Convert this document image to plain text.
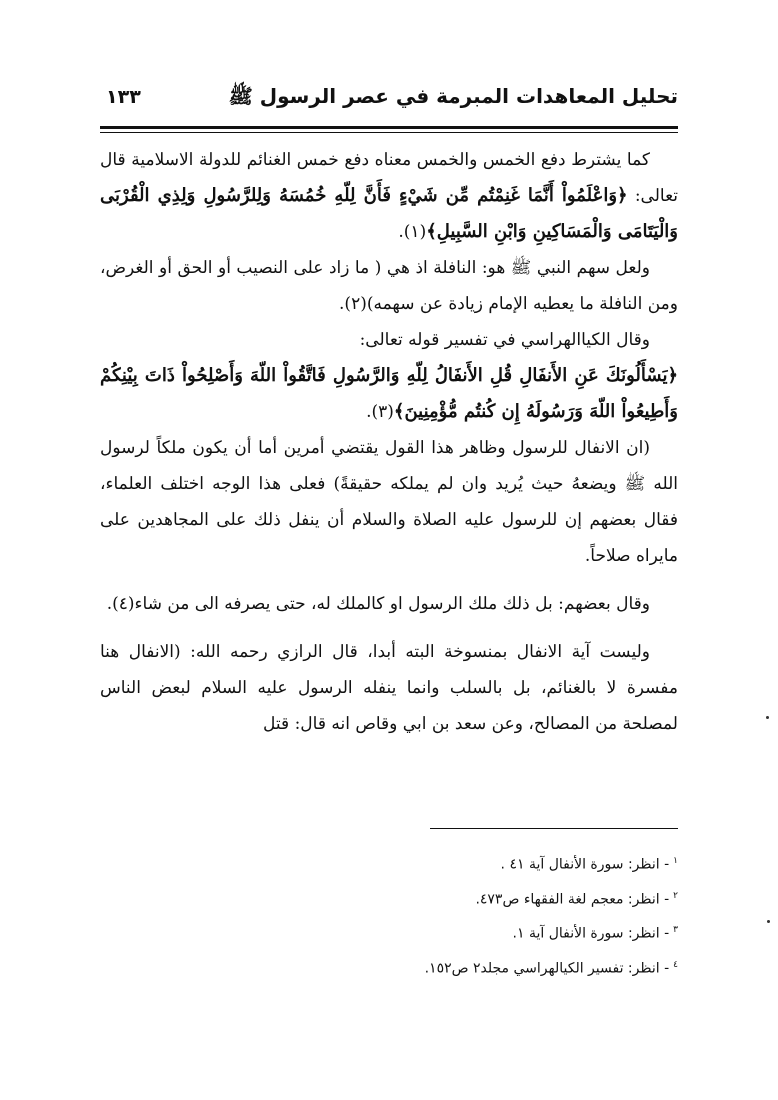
تحليل المعاهدات المبرمة في عصر الرسول ﷺ
١٣٣

كما يشترط دفع الخمس والخمس معناه دفع خمس الغنائم للدولة الاسلامية قال تعالى: ﴿وَاعْلَمُواْ أَنَّمَا غَنِمْتُم مِّن شَيْءٍ فَأَنَّ لِلّهِ خُمُسَهُ وَلِلرَّسُولِ وَلِذِي الْقُرْبَى وَالْيَتَامَى وَالْمَسَاكِينِ وَابْنِ السَّبِيلِ﴾(١).

ولعل سهم النبي ﷺ هو: النافلة اذ هي ( ما زاد على النصيب أو الحق أو الغرض، ومن النافلة ما يعطيه الإمام زيادة عن سهمه)(٢).

وقال الكياالهراسي في تفسير قوله تعالى:

﴿يَسْأَلُونَكَ عَنِ الأَنفَالِ قُلِ الأَنفَالُ لِلّهِ وَالرَّسُولِ فَاتَّقُواْ اللّهَ وَأَصْلِحُواْ ذَاتَ بِيْنِكُمْ وَأَطِيعُواْ اللّهَ وَرَسُولَهُ إِن كُنتُم مُّؤْمِنِينَ﴾(٣).

(ان الانفال للرسول وظاهر هذا القول يقتضي أمرين أما أن يكون ملكاً لرسول الله ﷺ ويضعهُ حيث يُريد وان لم يملكه حقيقةً) فعلى هذا الوجه اختلف العلماء، فقال بعضهم إن للرسول عليه الصلاة والسلام أن ينفل ذلك على المجاهدين على مايراه صلاحاً.

وقال بعضهم: بل ذلك ملك الرسول او كالملك له، حتى يصرفه الى من شاء(٤).

وليست آية الانفال بمنسوخة البته أبدا، قال الرازي رحمه الله: (الانفال هنا مفسرة لا بالغنائم، بل بالسلب وانما ينفله الرسول عليه السلام لبعض الناس لمصلحة من المصالح، وعن سعد بن ابي وقاص انه قال: قتل

$^١$- انظر: سورة الأنفال آية ٤١ .

$^٢$- انظر: معجم لغة الفقهاء ص٤٧٣.

$^٣$- انظر: سورة الأنفال آية ١.

$^٤$- انظر: تفسير الكيالهراسي مجلد٢ ص١٥٢.
